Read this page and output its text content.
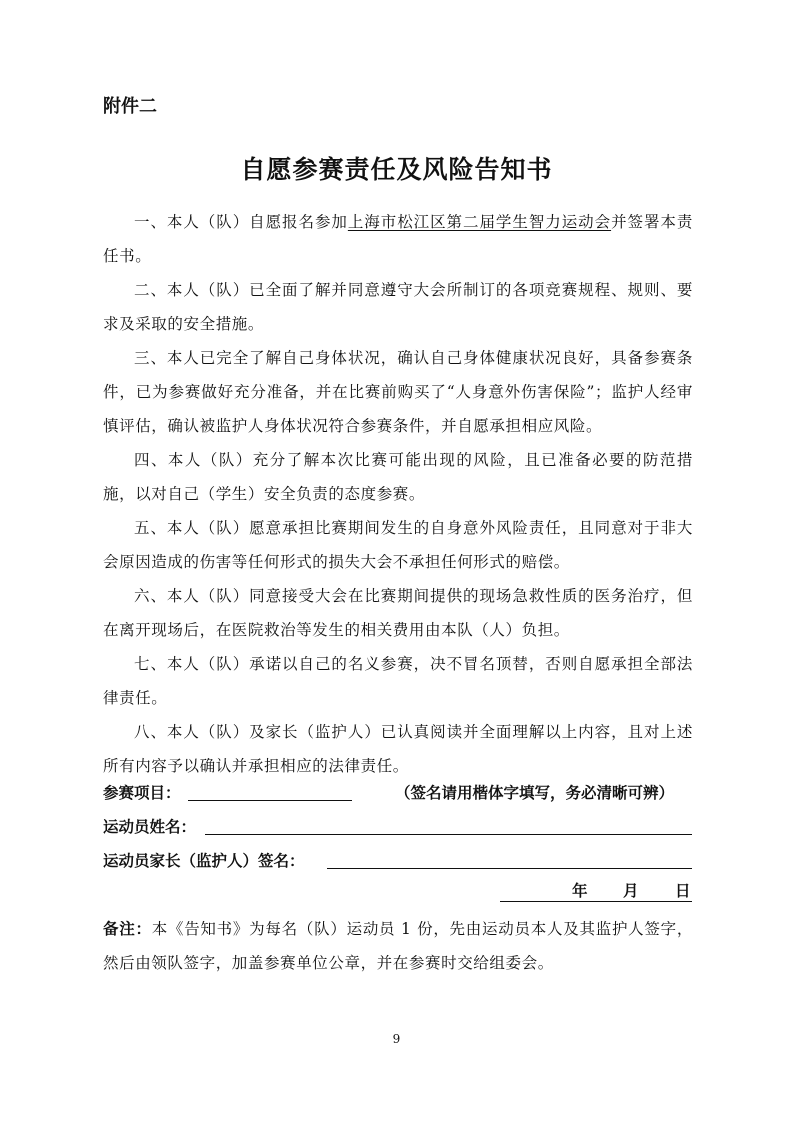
附件二
自愿参赛责任及风险告知书

一、本人（队）自愿报名参加上海市松江区第二届学生智力运动会并签署本责任书。

二、本人（队）已全面了解并同意遵守大会所制订的各项竞赛规程、规则、要求及采取的安全措施。

三、本人已完全了解自己身体状况，确认自己身体健康状况良好，具备参赛条件，已为参赛做好充分准备，并在比赛前购买了“人身意外伤害保险”；监护人经审慎评估，确认被监护人身体状况符合参赛条件，并自愿承担相应风险。

四、本人（队）充分了解本次比赛可能出现的风险，且已准备必要的防范措施，以对自己（学生）安全负责的态度参赛。

五、本人（队）愿意承担比赛期间发生的自身意外风险责任，且同意对于非大会原因造成的伤害等任何形式的损失大会不承担任何形式的赔偿。

六、本人（队）同意接受大会在比赛期间提供的现场急救性质的医务治疗，但在离开现场后，在医院救治等发生的相关费用由本队（人）负担。

七、本人（队）承诺以自己的名义参赛，决不冒名顶替，否则自愿承担全部法律责任。

八、本人（队）及家长（监护人）已认真阅读并全面理解以上内容，且对上述所有内容予以确认并承担相应的法律责任。

参赛项目：	（签名请用楷体字填写，务必清晰可辨）
运动员姓名：
运动员家长（监护人）签名：
年 月 日
备注：本《告知书》为每名（队）运动员 1 份，先由运动员本人及其监护人签字，然后由领队签字，加盖参赛单位公章，并在参赛时交给组委会。
9
